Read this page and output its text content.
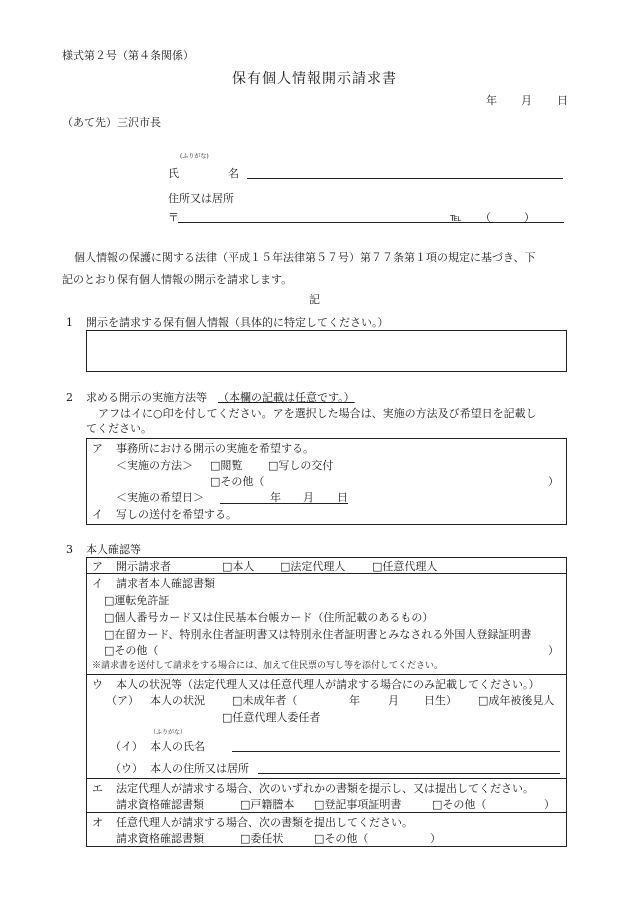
様式第２号（第４条関係）
保有個人情報開示請求書
年 月 日
（あて先）三沢市長
(ふりがな)
氏	名
住所又は居所
〒	℡ （　　　）
個人情報の保護に関する法律（平成１５年法律第５７号）第７７条第１項の規定に基づき、下
記のとおり保有個人情報の開示を請求します。
記
1 開示を請求する保有個人情報（具体的に特定してください。）
2 求める開示の実施方法等 （本欄の記載は任意です。）
アフはイに○印を付してください。アを選択した場合は、実施の方法及び希望日を記載し
てください。
ア 事務所における開示の実施を希望する。
＜実施の方法＞ □閲覧 □写しの交付
□その他（	）
＜実施の希望日＞	年 月 日
イ 写しの送付を希望する。
3 本人確認等
ア 開示請求者	□本人 □法定代理人 □任意代理人
イ 請求者本人確認書類
□運転免許証
□個人番号カード又は住民基本台帳カード（住所記載のあるもの）
□在留カード、特別永住者証明書又は特別永住者証明書とみなされる外国人登録証明書
□その他（	）
※請求書を送付して請求をする場合には、加えて住民票の写し等を添付してください。
ウ 本人の状況等（法定代理人又は任意代理人が請求する場合にのみ記載してください。）
（ア） 本人の状況 □未成年者（	年	月 日生） □成年被後見人
□任意代理人委任者
（ふりがな）
（イ） 本人の氏名
（ウ） 本人の住所又は居所
エ 法定代理人が請求する場合、次のいずれかの書類を提示し、又は提出してください。
請求資格確認書類	□戸籍謄本 □登記事項証明書	□その他（	）
オ 任意代理人が請求する場合、次の書類を提出してください。
請求資格確認書類	□委任状	□その他（	）
